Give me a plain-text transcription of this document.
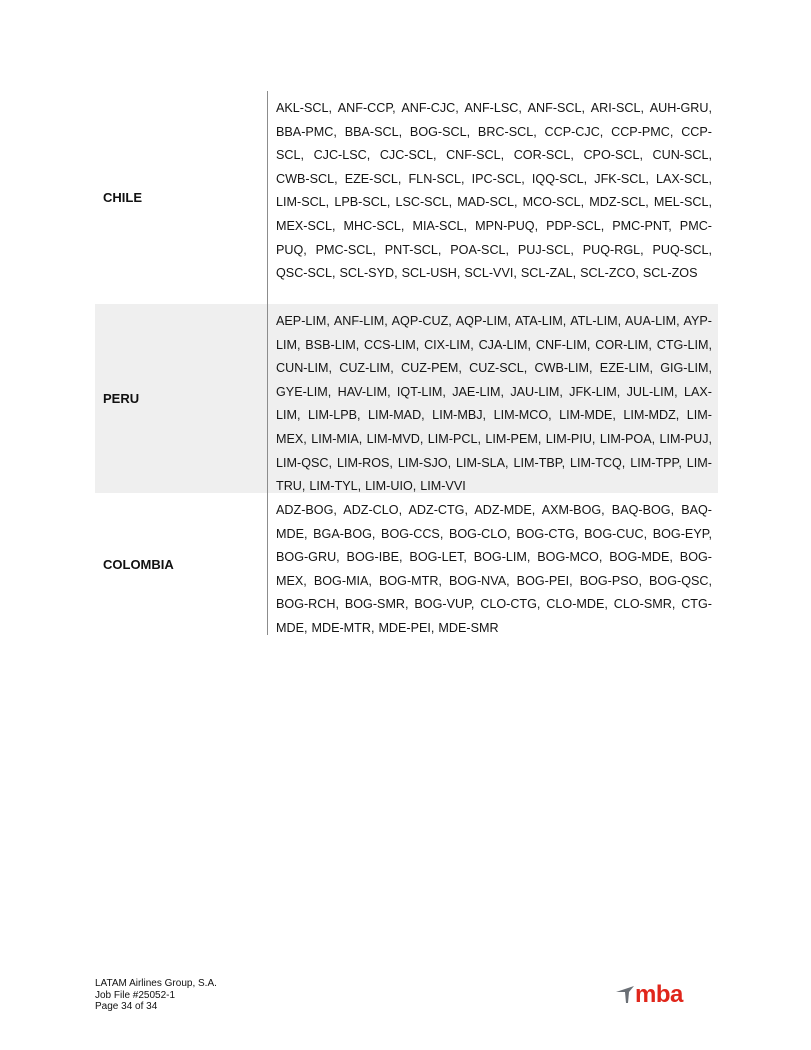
CHILE
AKL-SCL, ANF-CCP, ANF-CJC, ANF-LSC, ANF-SCL, ARI-SCL, AUH-GRU, BBA-PMC, BBA-SCL, BOG-SCL, BRC-SCL, CCP-CJC, CCP-PMC, CCP-SCL, CJC-LSC, CJC-SCL, CNF-SCL, COR-SCL, CPO-SCL, CUN-SCL, CWB-SCL, EZE-SCL, FLN-SCL, IPC-SCL, IQQ-SCL, JFK-SCL, LAX-SCL, LIM-SCL, LPB-SCL, LSC-SCL, MAD-SCL, MCO-SCL, MDZ-SCL, MEL-SCL, MEX-SCL, MHC-SCL, MIA-SCL, MPN-PUQ, PDP-SCL, PMC-PNT, PMC-PUQ, PMC-SCL, PNT-SCL, POA-SCL, PUJ-SCL, PUQ-RGL, PUQ-SCL, QSC-SCL, SCL-SYD, SCL-USH, SCL-VVI, SCL-ZAL, SCL-ZCO, SCL-ZOS
PERU
AEP-LIM, ANF-LIM, AQP-CUZ, AQP-LIM, ATA-LIM, ATL-LIM, AUA-LIM, AYP-LIM, BSB-LIM, CCS-LIM, CIX-LIM, CJA-LIM, CNF-LIM, COR-LIM, CTG-LIM, CUN-LIM, CUZ-LIM, CUZ-PEM, CUZ-SCL, CWB-LIM, EZE-LIM, GIG-LIM, GYE-LIM, HAV-LIM, IQT-LIM, JAE-LIM, JAU-LIM, JFK-LIM, JUL-LIM, LAX-LIM, LIM-LPB, LIM-MAD, LIM-MBJ, LIM-MCO, LIM-MDE, LIM-MDZ, LIM-MEX, LIM-MIA, LIM-MVD, LIM-PCL, LIM-PEM, LIM-PIU, LIM-POA, LIM-PUJ, LIM-QSC, LIM-ROS, LIM-SJO, LIM-SLA, LIM-TBP, LIM-TCQ, LIM-TPP, LIM-TRU, LIM-TYL, LIM-UIO, LIM-VVI
COLOMBIA
ADZ-BOG, ADZ-CLO, ADZ-CTG, ADZ-MDE, AXM-BOG, BAQ-BOG, BAQ-MDE, BGA-BOG, BOG-CCS, BOG-CLO, BOG-CTG, BOG-CUC, BOG-EYP, BOG-GRU, BOG-IBE, BOG-LET, BOG-LIM, BOG-MCO, BOG-MDE, BOG-MEX, BOG-MIA, BOG-MTR, BOG-NVA, BOG-PEI, BOG-PSO, BOG-QSC, BOG-RCH, BOG-SMR, BOG-VUP, CLO-CTG, CLO-MDE, CLO-SMR, CTG-MDE, MDE-MTR, MDE-PEI, MDE-SMR
LATAM Airlines Group, S.A.
Job File #25052-1
Page 34 of 34	mba
